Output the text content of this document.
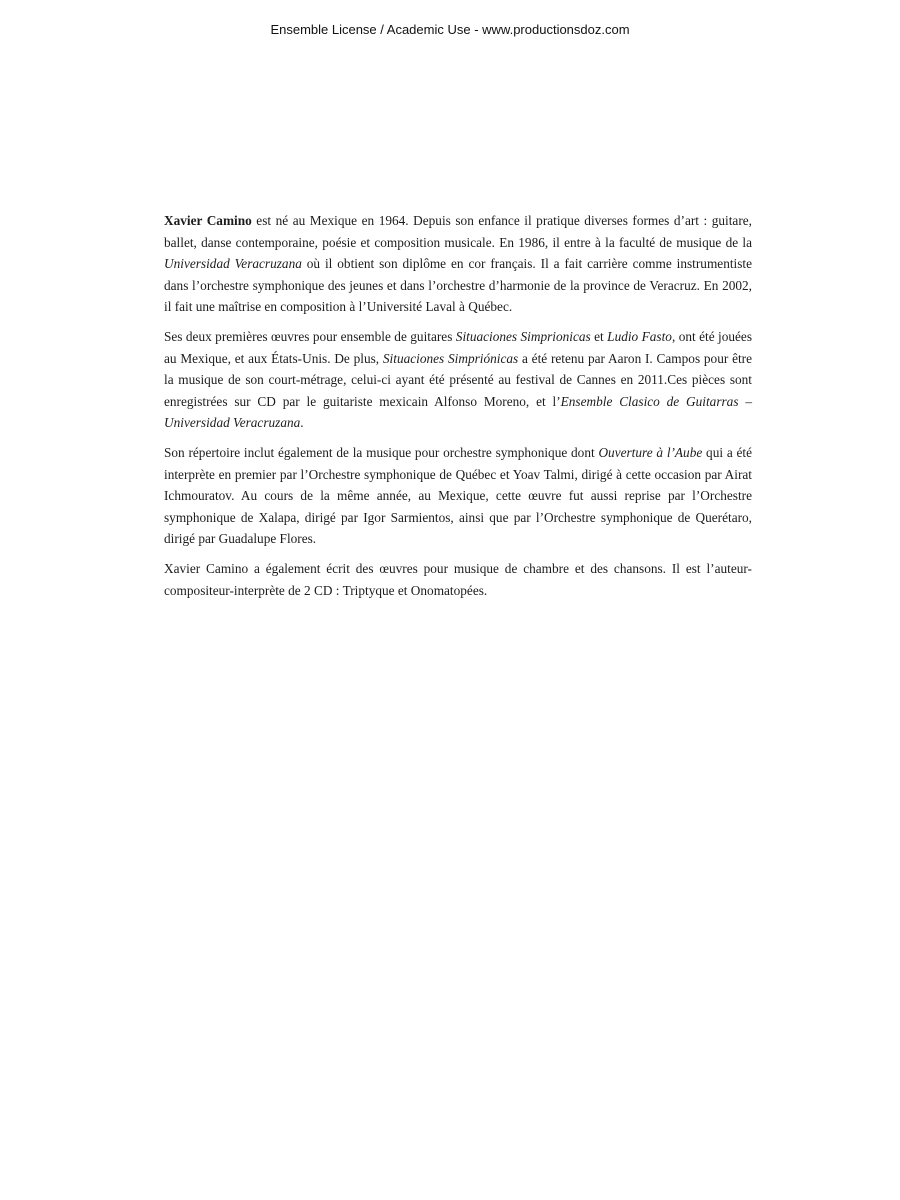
Ensemble License / Academic Use - www.productionsdoz.com

Xavier Camino est né au Mexique en 1964. Depuis son enfance il pratique diverses formes d’art : guitare, ballet, danse contemporaine, poésie et composition musicale. En 1986, il entre à la faculté de musique de la Universidad Veracruzana où il obtient son diplôme en cor français. Il a fait carrière comme instrumentiste dans l’orchestre symphonique des jeunes et dans l’orchestre d’harmonie de la province de Veracruz. En 2002, il fait une maîtrise en composition à l’Université Laval à Québec.

Ses deux premières œuvres pour ensemble de guitares Situaciones Simprionicas et Ludio Fasto, ont été jouées au Mexique, et aux États-Unis. De plus, Situaciones Simpriónicas a été retenu par Aaron I. Campos pour être la musique de son court-métrage, celui-ci ayant été présenté au festival de Cannes en 2011.Ces pièces sont enregistrées sur CD par le guitariste mexicain Alfonso Moreno, et l’Ensemble Clasico de Guitarras – Universidad Veracruzana.

Son répertoire inclut également de la musique pour orchestre symphonique dont Ouverture à l’Aube qui a été interprète en premier par l’Orchestre symphonique de Québec et Yoav Talmi, dirigé à cette occasion par Airat Ichmouratov. Au cours de la même année, au Mexique, cette œuvre fut aussi reprise par l’Orchestre symphonique de Xalapa, dirigé par Igor Sarmientos, ainsi que par l’Orchestre symphonique de Querétaro, dirigé par Guadalupe Flores.

Xavier Camino a également écrit des œuvres pour musique de chambre et des chansons. Il est l’auteur-compositeur-interprète de 2 CD : Triptyque et Onomatopées.
